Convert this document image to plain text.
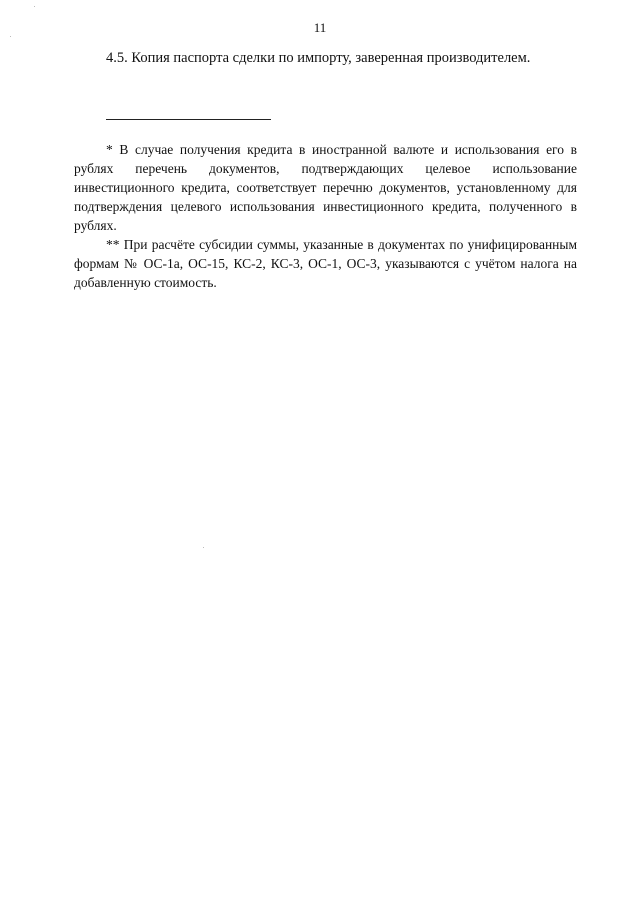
11
4.5. Копия паспорта сделки по импорту, заверенная производителем.

* В случае получения кредита в иностранной валюте и использования его в рублях перечень документов, подтверждающих целевое использование инвестиционного кредита, соответствует перечню документов, установленному для подтверждения целевого использования инвестиционного кредита, полученного в рублях.

** При расчёте субсидии суммы, указанные в документах по унифицированным формам № ОС-1а, ОС-15, КС-2, КС-3, ОС-1, ОС-3, указываются с учётом налога на добавленную стоимость.
